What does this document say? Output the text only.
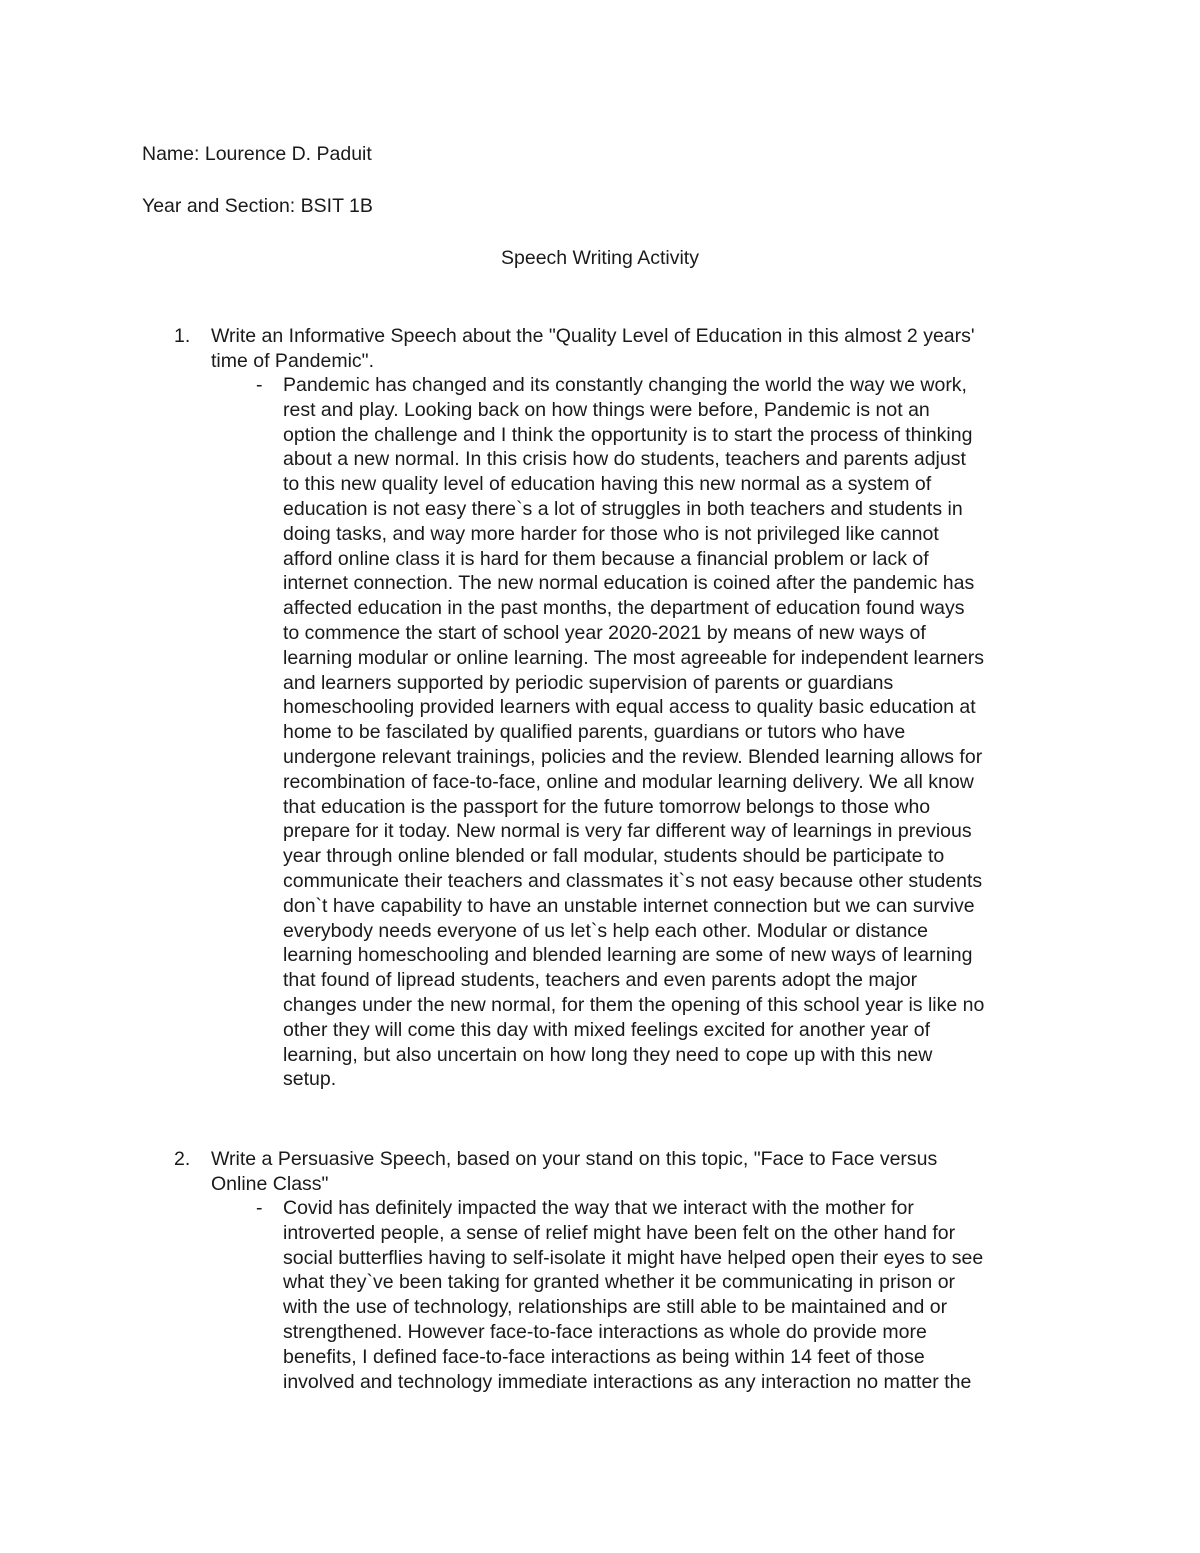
Name: Lourence D. Paduit
Year and Section: BSIT 1B
Speech Writing Activity
1. Write an Informative Speech about the "Quality Level of Education in this almost 2 years'
time of Pandemic".
- Pandemic has changed and its constantly changing the world the way we work,
rest and play. Looking back on how things were before, Pandemic is not an
option the challenge and I think the opportunity is to start the process of thinking
about a new normal. In this crisis how do students, teachers and parents adjust
to this new quality level of education having this new normal as a system of
education is not easy there`s a lot of struggles in both teachers and students in
doing tasks, and way more harder for those who is not privileged like cannot
afford online class it is hard for them because a financial problem or lack of
internet connection. The new normal education is coined after the pandemic has
affected education in the past months, the department of education found ways
to commence the start of school year 2020-2021 by means of new ways of
learning modular or online learning. The most agreeable for independent learners
and learners supported by periodic supervision of parents or guardians
homeschooling provided learners with equal access to quality basic education at
home to be fascilated by qualified parents, guardians or tutors who have
undergone relevant trainings, policies and the review. Blended learning allows for
recombination of face-to-face, online and modular learning delivery. We all know
that education is the passport for the future tomorrow belongs to those who
prepare for it today. New normal is very far different way of learnings in previous
year through online blended or fall modular, students should be participate to
communicate their teachers and classmates it`s not easy because other students
don`t have capability to have an unstable internet connection but we can survive
everybody needs everyone of us let`s help each other. Modular or distance
learning homeschooling and blended learning are some of new ways of learning
that found of lipread students, teachers and even parents adopt the major
changes under the new normal, for them the opening of this school year is like no
other they will come this day with mixed feelings excited for another year of
learning, but also uncertain on how long they need to cope up with this new
setup.
2. Write a Persuasive Speech, based on your stand on this topic, "Face to Face versus
Online Class"
- Covid has definitely impacted the way that we interact with the mother for
introverted people, a sense of relief might have been felt on the other hand for
social butterflies having to self-isolate it might have helped open their eyes to see
what they`ve been taking for granted whether it be communicating in prison or
with the use of technology, relationships are still able to be maintained and or
strengthened. However face-to-face interactions as whole do provide more
benefits, I defined face-to-face interactions as being within 14 feet of those
involved and technology immediate interactions as any interaction no matter the
